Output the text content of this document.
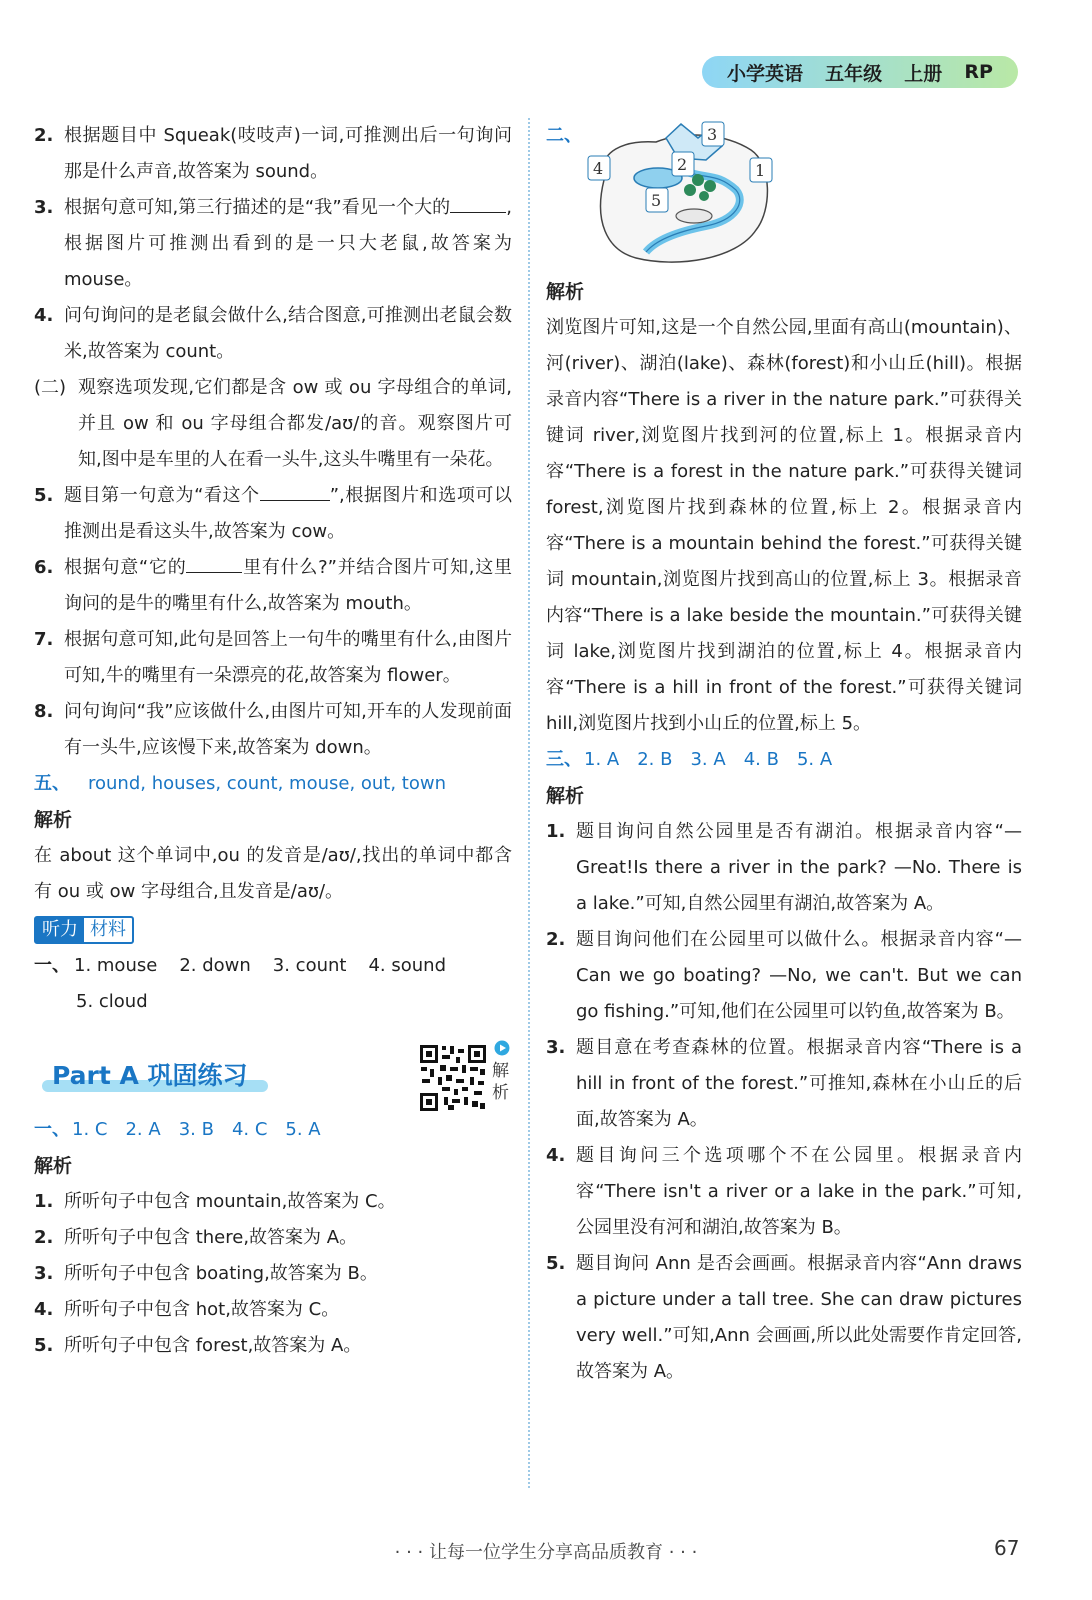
小学英语 五年级 上册 RP
2. 根据题目中 Squeak(吱吱声)一词,可推测出后一句询问那是什么声音,故答案为 sound。
3. 根据句意可知,第三行描述的是“我”看见一个大的	,根据图片可推测出看到的是一只大老鼠,故答案为 mouse。
4. 问句询问的是老鼠会做什么,结合图意,可推测出老鼠会数米,故答案为 count。
(二) 观察选项发现,它们都是含 ow 或 ou 字母组合的单词,并且 ow 和 ou 字母组合都发/aʊ/的音。观察图片可知,图中是车里的人在看一头牛,这头牛嘴里有一朵花。
5. 题目第一句意为“看这个	”,根据图片和选项可以推测出是看这头牛,故答案为 cow。
6. 根据句意“它的	里有什么?”并结合图片可知,这里询问的是牛的嘴里有什么,故答案为 mouth。
7. 根据句意可知,此句是回答上一句牛的嘴里有什么,由图片可知,牛的嘴里有一朵漂亮的花,故答案为 flower。
8. 问句询问“我”应该做什么,由图片可知,开车的人发现前面有一头牛,应该慢下来,故答案为 down。
五、 round, houses, count, mouse, out, town
解析

在 about 这个单词中,ou 的发音是/aʊ/,找出的单词中都含有 ou 或 ow 字母组合,且发音是/aʊ/。

听力 材料
一、 1. mouse 2. down 3. count 4. sound
5. cloud
Part A 巩固练习
一、 1. C 2. A 3. B 4. C 5. A
解析
1. 所听句子中包含 mountain,故答案为 C。
2. 所听句子中包含 there,故答案为 A。
3. 所听句子中包含 boating,故答案为 B。
4. 所听句子中包含 hot,故答案为 C。
5. 所听句子中包含 forest,故答案为 A。
解析
二、	3
4	2	1
5
解析

浏览图片可知,这是一个自然公园,里面有高山(mountain)、河(river)、湖泊(lake)、森林(forest)和小山丘(hill)。根据录音内容“There is a river in the nature park.”可获得关键词 river,浏览图片找到河的位置,标上 1。根据录音内容“There is a forest in the nature park.”可获得关键词 forest,浏览图片找到森林的位置,标上 2。根据录音内容“There is a mountain behind the forest.”可获得关键词 mountain,浏览图片找到高山的位置,标上 3。根据录音内容“There is a lake beside the mountain.”可获得关键词 lake,浏览图片找到湖泊的位置,标上 4。根据录音内容“There is a hill in front of the forest.”可获得关键词 hill,浏览图片找到小山丘的位置,标上 5。

三、 1. A 2. B 3. A 4. B 5. A
解析
1. 题目询问自然公园里是否有湖泊。根据录音内容“—Great!Is there a river in the park? —No. There is a lake.”可知,自然公园里有湖泊,故答案为 A。
2. 题目询问他们在公园里可以做什么。根据录音内容“—Can we go boating? —No, we can't. But we can go fishing.”可知,他们在公园里可以钓鱼,故答案为 B。
3. 题目意在考查森林的位置。根据录音内容“There is a hill in front of the forest.”可推知,森林在小山丘的后面,故答案为 A。
4. 题目询问三个选项哪个不在公园里。根据录音内容“There isn't a river or a lake in the park.”可知,公园里没有河和湖泊,故答案为 B。
5. 题目询问 Ann 是否会画画。根据录音内容“Ann draws a picture under a tall tree. She can draw pictures very well.”可知,Ann 会画画,所以此处需要作肯定回答,故答案为 A。
· · · 让每一位学生分享高品质教育 · · ·	67
